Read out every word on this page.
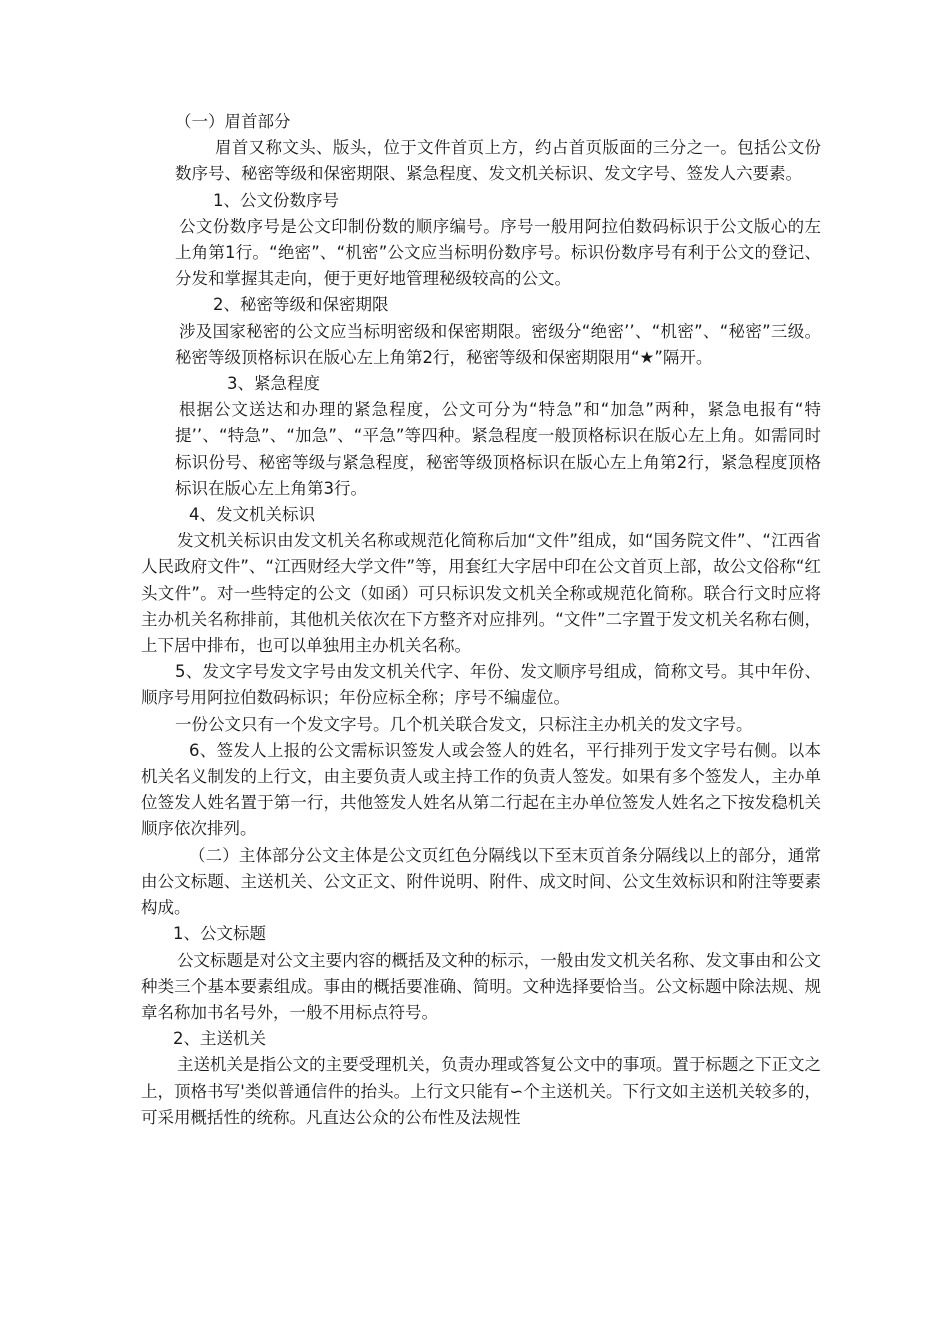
（一）眉首部分

眉首又称文头、版头，位于文件首页上方，约占首页版面的三分之一。包括公文份数序号、秘密等级和保密期限、紧急程度、发文机关标识、发文字号、签发人六要素。

1、公文份数序号

公文份数序号是公文印制份数的顺序编号。序号一般用阿拉伯数码标识于公文版心的左上角第1行。“绝密”、“机密”公文应当标明份数序号。标识份数序号有利于公文的登记、分发和掌握其走向，便于更好地管理秘级较高的公文。

2、秘密等级和保密期限

涉及国家秘密的公文应当标明密级和保密期限。密级分“绝密’’、“机密”、“秘密”三级。秘密等级顶格标识在版心左上角第2行，秘密等级和保密期限用“★”隔开。

3、紧急程度

根据公文送达和办理的紧急程度，公文可分为“特急”和“加急”两种，紧急电报有“特提’’、“特急”、“加急”、“平急”等四种。紧急程度一般顶格标识在版心左上角。如需同时标识份号、秘密等级与紧急程度，秘密等级顶格标识在版心左上角第2行，紧急程度顶格标识在版心左上角第3行。

4、发文机关标识

发文机关标识由发文机关名称或规范化简称后加“文件”组成，如“国务院文件”、“江西省人民政府文件”、“江西财经大学文件”等，用套红大字居中印在公文首页上部，故公文俗称“红头文件”。对一些特定的公文（如函）可只标识发文机关全称或规范化简称。联合行文时应将主办机关名称排前，其他机关依次在下方整齐对应排列。“文件”二字置于发文机关名称右侧，上下居中排布，也可以单独用主办机关名称。

5、发文字号发文字号由发文机关代字、年份、发文顺序号组成，简称文号。其中年份、顺序号用阿拉伯数码标识；年份应标全称；序号不编虚位。

一份公文只有一个发文字号。几个机关联合发文，只标注主办机关的发文字号。

6、签发人上报的公文需标识签发人或会签人的姓名，平行排列于发文字号右侧。以本机关名义制发的上行文，由主要负责人或主持工作的负责人签发。如果有多个签发人，主办单位签发人姓名置于第一行，共他签发人姓名从第二行起在主办单位签发人姓名之下按发稳机关顺序依次排列。

（二）主体部分公文主体是公文页红色分隔线以下至末页首条分隔线以上的部分，通常由公文标题、主送机关、公文正文、附件说明、附件、成文时间、公文生效标识和附注等要素构成。

1、公文标题

公文标题是对公文主要内容的概括及文种的标示，一般由发文机关名称、发文事由和公文种类三个基本要素组成。事由的概括要准确、简明。文种选择要恰当。公文标题中除法规、规章名称加书名号外，一般不用标点符号。

2、主送机关

主送机关是指公文的主要受理机关，负责办理或答复公文中的事项。置于标题之下正文之上，顶格书写'类似普通信件的抬头。上行文只能有∽个主送机关。下行文如主送机关较多的，可采用概括性的统称。凡直达公众的公布性及法规性
